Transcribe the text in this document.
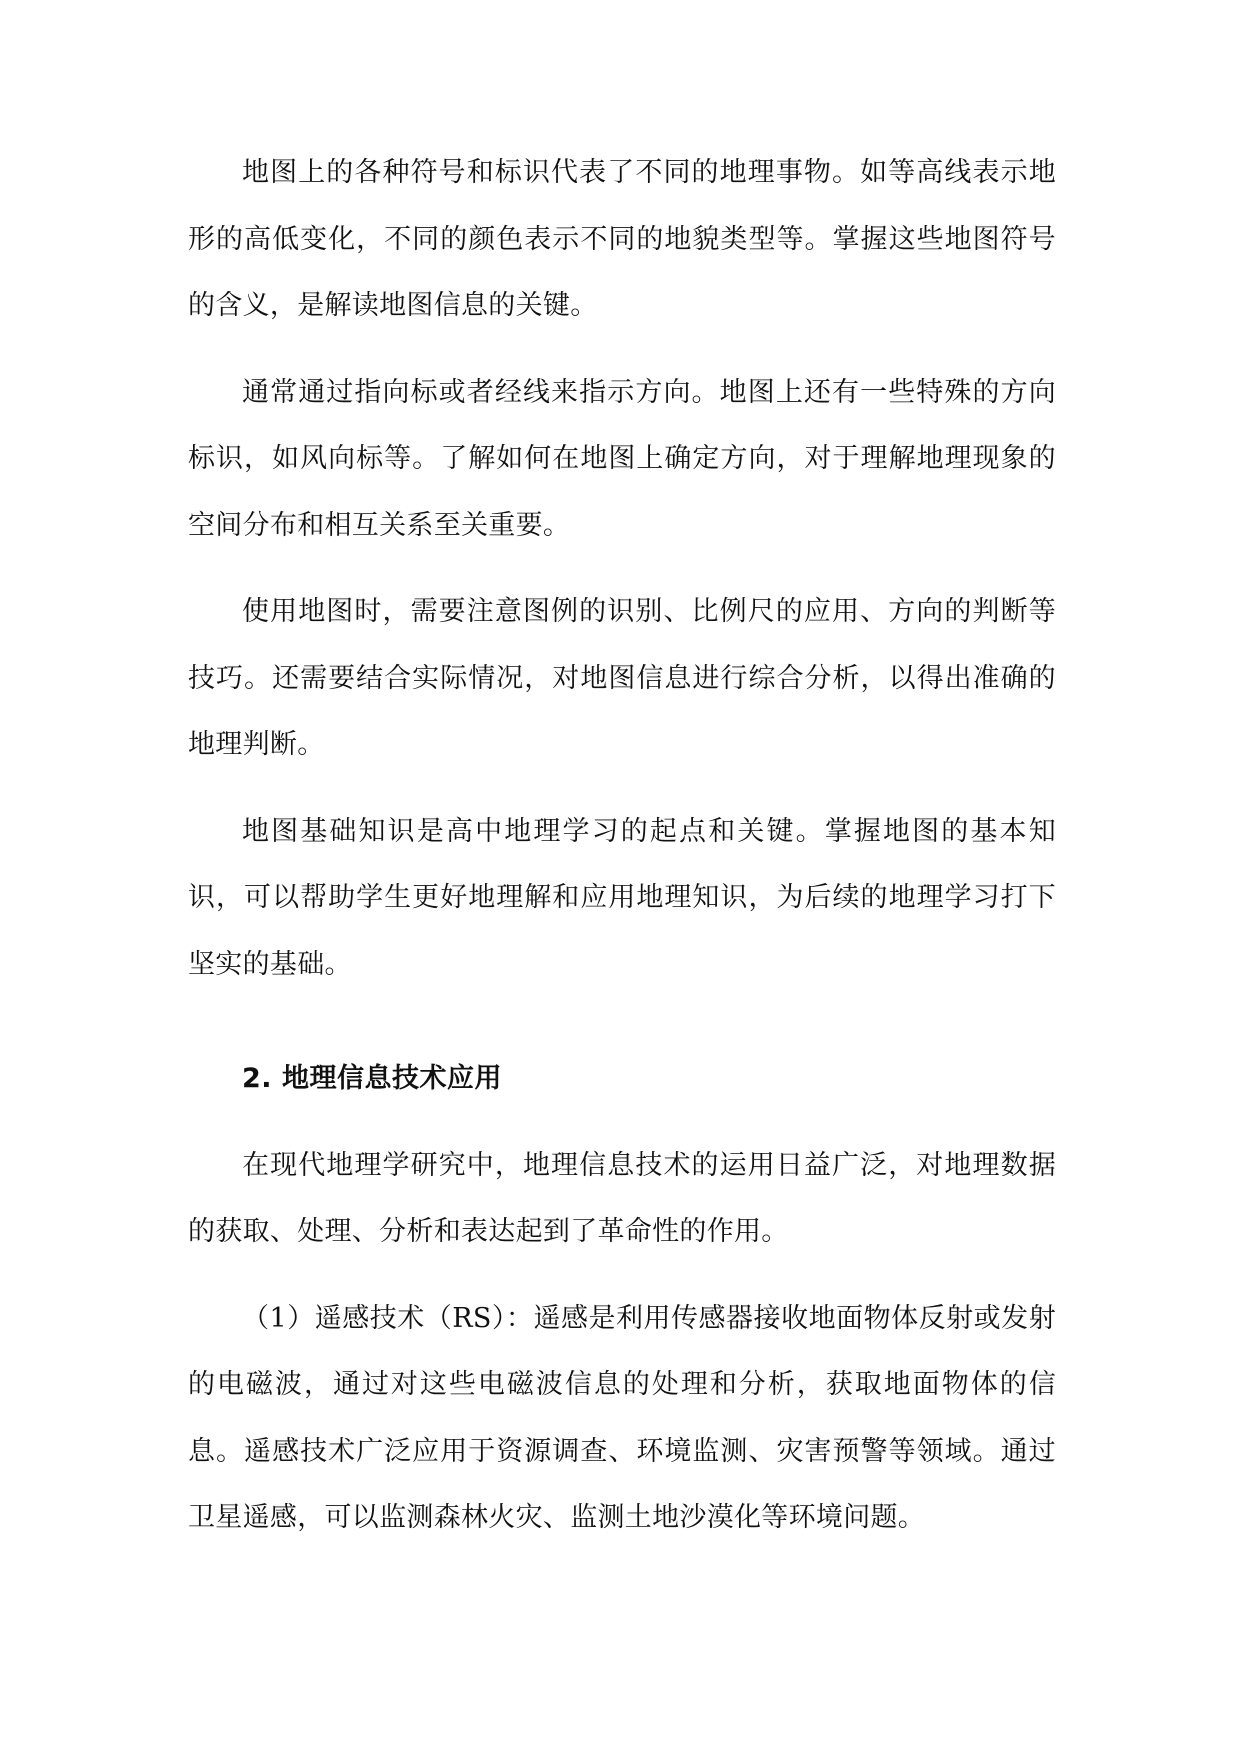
地图上的各种符号和标识代表了不同的地理事物。如等高线表示地形的高低变化，不同的颜色表示不同的地貌类型等。掌握这些地图符号的含义，是解读地图信息的关键。

通常通过指向标或者经线来指示方向。地图上还有一些特殊的方向标识，如风向标等。了解如何在地图上确定方向，对于理解地理现象的空间分布和相互关系至关重要。

使用地图时，需要注意图例的识别、比例尺的应用、方向的判断等技巧。还需要结合实际情况，对地图信息进行综合分析，以得出准确的地理判断。

地图基础知识是高中地理学习的起点和关键。掌握地图的基本知识，可以帮助学生更好地理解和应用地理知识，为后续的地理学习打下坚实的基础。

2. 地理信息技术应用

在现代地理学研究中，地理信息技术的运用日益广泛，对地理数据的获取、处理、分析和表达起到了革命性的作用。

（1）遥感技术（RS）：遥感是利用传感器接收地面物体反射或发射的电磁波，通过对这些电磁波信息的处理和分析，获取地面物体的信息。遥感技术广泛应用于资源调查、环境监测、灾害预警等领域。通过卫星遥感，可以监测森林火灾、监测土地沙漠化等环境问题。
